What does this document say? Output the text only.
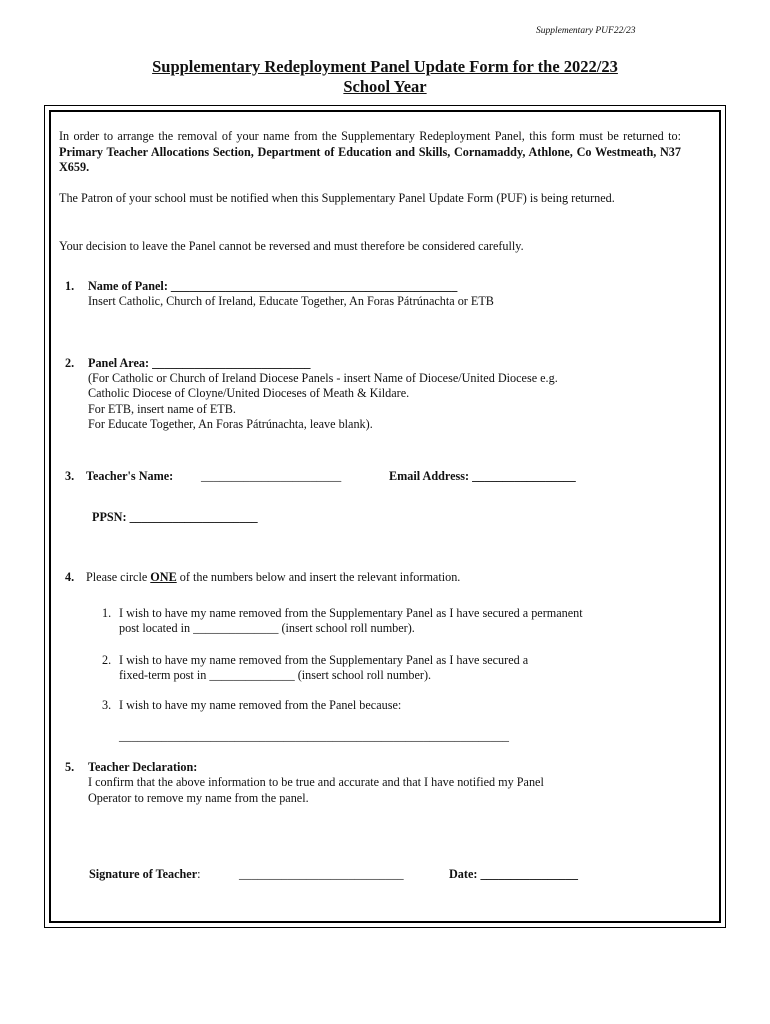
Supplementary PUF22/23
Supplementary Redeployment Panel Update Form for the 2022/23
School Year
In order to arrange the removal of your name from the Supplementary Redeployment Panel, this form must be returned to: Primary Teacher Allocations Section, Department of Education and Skills, Cornamaddy, Athlone, Co Westmeath, N37 X659.
The Patron of your school must be notified when this Supplementary Panel Update Form (PUF) is being returned.
Your decision to leave the Panel cannot be reversed and must therefore be considered carefully.
1. Name of Panel: _______________________________________________
Insert Catholic, Church of Ireland, Educate Together, An Foras Pátrúnachta or ETB
2. Panel Area: __________________________
(For Catholic or Church of Ireland Diocese Panels - insert Name of Diocese/United Diocese e.g.
Catholic Diocese of Cloyne/United Dioceses of Meath & Kildare.
For ETB, insert name of ETB.
For Educate Together, An Foras Pátrúnachta, leave blank).
3. Teacher's Name: _______________________	Email Address: _________________
PPSN: _____________________
4. Please circle ONE of the numbers below and insert the relevant information.
1. I wish to have my name removed from the Supplementary Panel as I have secured a permanent
post located in ______________ (insert school roll number).
2. I wish to have my name removed from the Supplementary Panel as I have secured a
fixed-term post in ______________ (insert school roll number).
3. I wish to have my name removed from the Panel because:
________________________________________________________________
5. Teacher Declaration:
I confirm that the above information to be true and accurate and that I have notified my Panel
Operator to remove my name from the panel.
Signature of Teacher:	___________________________	Date: ________________
